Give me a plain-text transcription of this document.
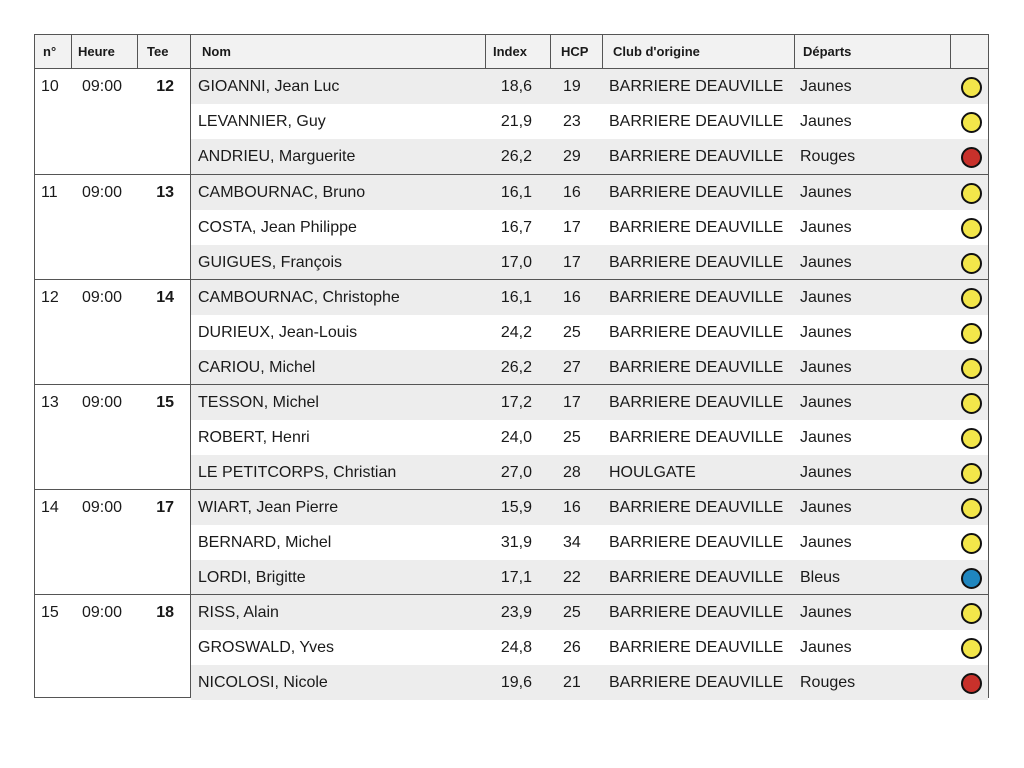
n° Heure Tee	Nom	Index	HCP Club d'origine	Départs
10 09:00	12 GIOANNI, Jean Luc	18,6 19	BARRIERE DEAUVILLE Jaunes
LEVANNIER, Guy	21,9 23	BARRIERE DEAUVILLE Jaunes
ANDRIEU, Marguerite	26,2 29	BARRIERE DEAUVILLE Rouges
11 09:00	13 CAMBOURNAC, Bruno	16,1 16	BARRIERE DEAUVILLE Jaunes
COSTA, Jean Philippe	16,7 17	BARRIERE DEAUVILLE Jaunes
GUIGUES, François	17,0 17	BARRIERE DEAUVILLE Jaunes
12 09:00	14 CAMBOURNAC, Christophe	16,1 16	BARRIERE DEAUVILLE Jaunes
DURIEUX, Jean-Louis	24,2 25	BARRIERE DEAUVILLE Jaunes
CARIOU, Michel	26,2 27	BARRIERE DEAUVILLE Jaunes
13 09:00	15 TESSON, Michel	17,2 17	BARRIERE DEAUVILLE Jaunes
ROBERT, Henri	24,0 25	BARRIERE DEAUVILLE Jaunes
LE PETITCORPS, Christian	27,0 28	HOULGATE	Jaunes
14 09:00	17 WIART, Jean Pierre	15,9 16	BARRIERE DEAUVILLE Jaunes
BERNARD, Michel	31,9 34	BARRIERE DEAUVILLE Jaunes
LORDI, Brigitte	17,1 22	BARRIERE DEAUVILLE Bleus
15 09:00	18 RISS, Alain	23,9 25	BARRIERE DEAUVILLE Jaunes
GROSWALD, Yves	24,8 26	BARRIERE DEAUVILLE Jaunes
NICOLOSI, Nicole	19,6 21	BARRIERE DEAUVILLE Rouges
